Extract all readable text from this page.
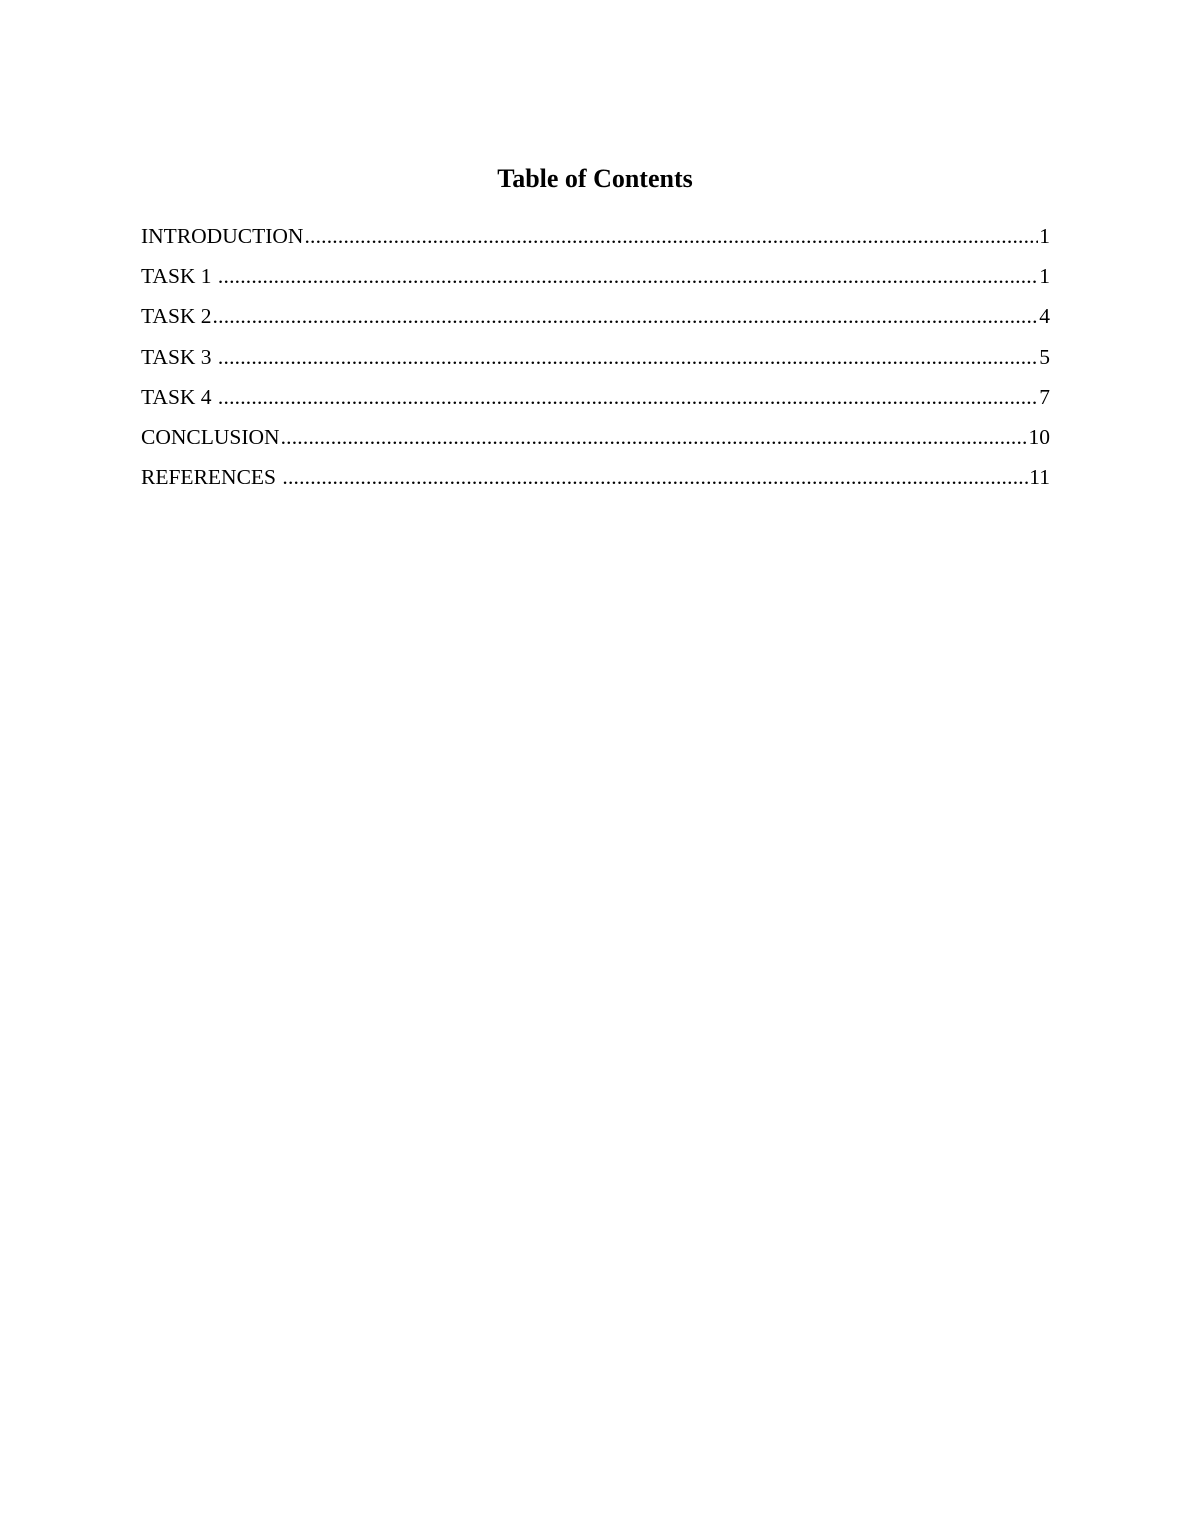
Table of Contents
INTRODUCTION .....	1
TASK 1 .....	1
TASK 2 .....	4
TASK 3 .....	5
TASK 4 .....	7
CONCLUSION .....	10
REFERENCES .....	11
